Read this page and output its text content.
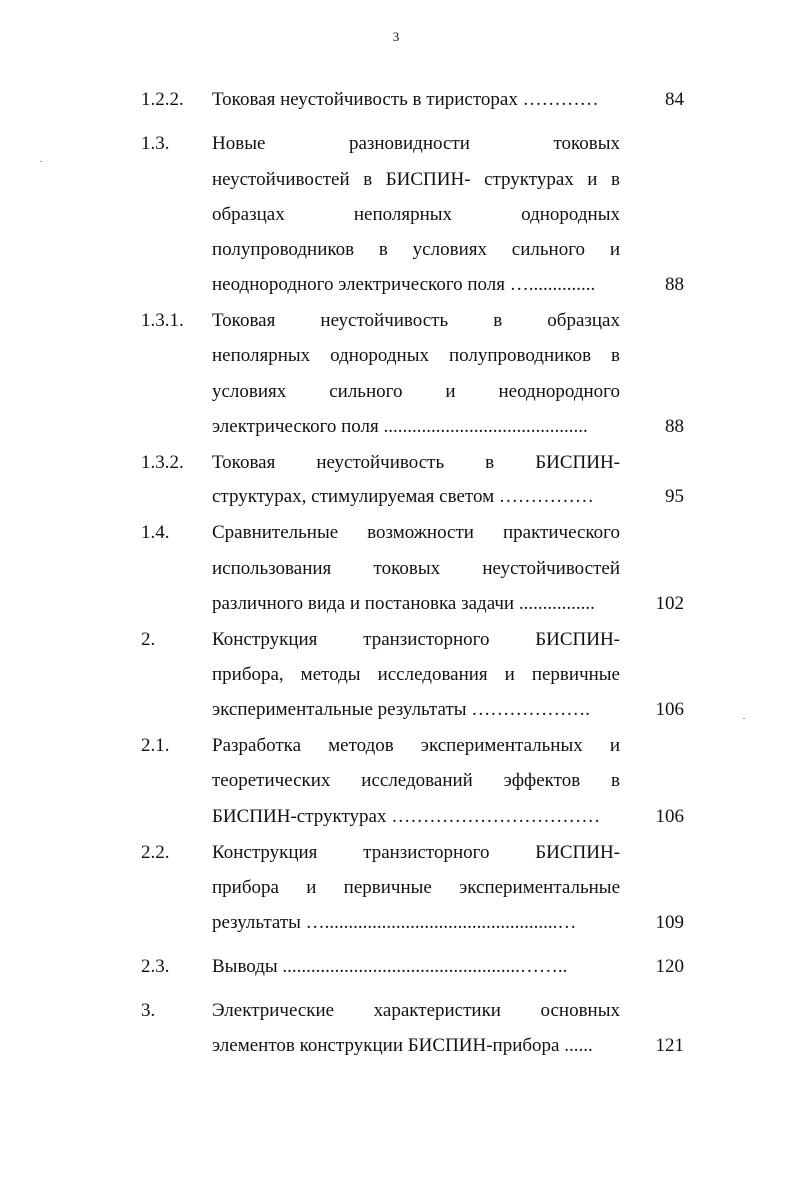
3
1.2.2. Токовая неустойчивость в тиристорах …………	84
1.3. Новые разновидности токовых
неустойчивостей в БИСПИН- структурах и в
образцах неполярных однородных
полупроводников в условиях сильного и
неоднородного электрического поля …..............	88
1.3.1. Токовая неустойчивость в образцах
неполярных однородных полупроводников в
условиях сильного и неоднородного
электрического поля ...........................................	88
1.3.2. Токовая неустойчивость в БИСПИН-
структурах, стимулируемая светом ……………	95
1.4. Сравнительные возможности практического
использования токовых неустойчивостей
различного вида и постановка задачи ................	102
2.	Конструкция транзисторного БИСПИН-
прибора, методы исследования и первичные
экспериментальные результаты ……………….	106
2.1. Разработка методов экспериментальных и
теоретических исследований эффектов в
БИСПИН-структурах ……………………………	106
2.2. Конструкция транзисторного БИСПИН-
прибора и первичные экспериментальные
результаты ….................................................…	109
2.3. Выводы ..................................................……..	120
3.	Электрические характеристики основных
элементов конструкции БИСПИН-прибора ......	121
